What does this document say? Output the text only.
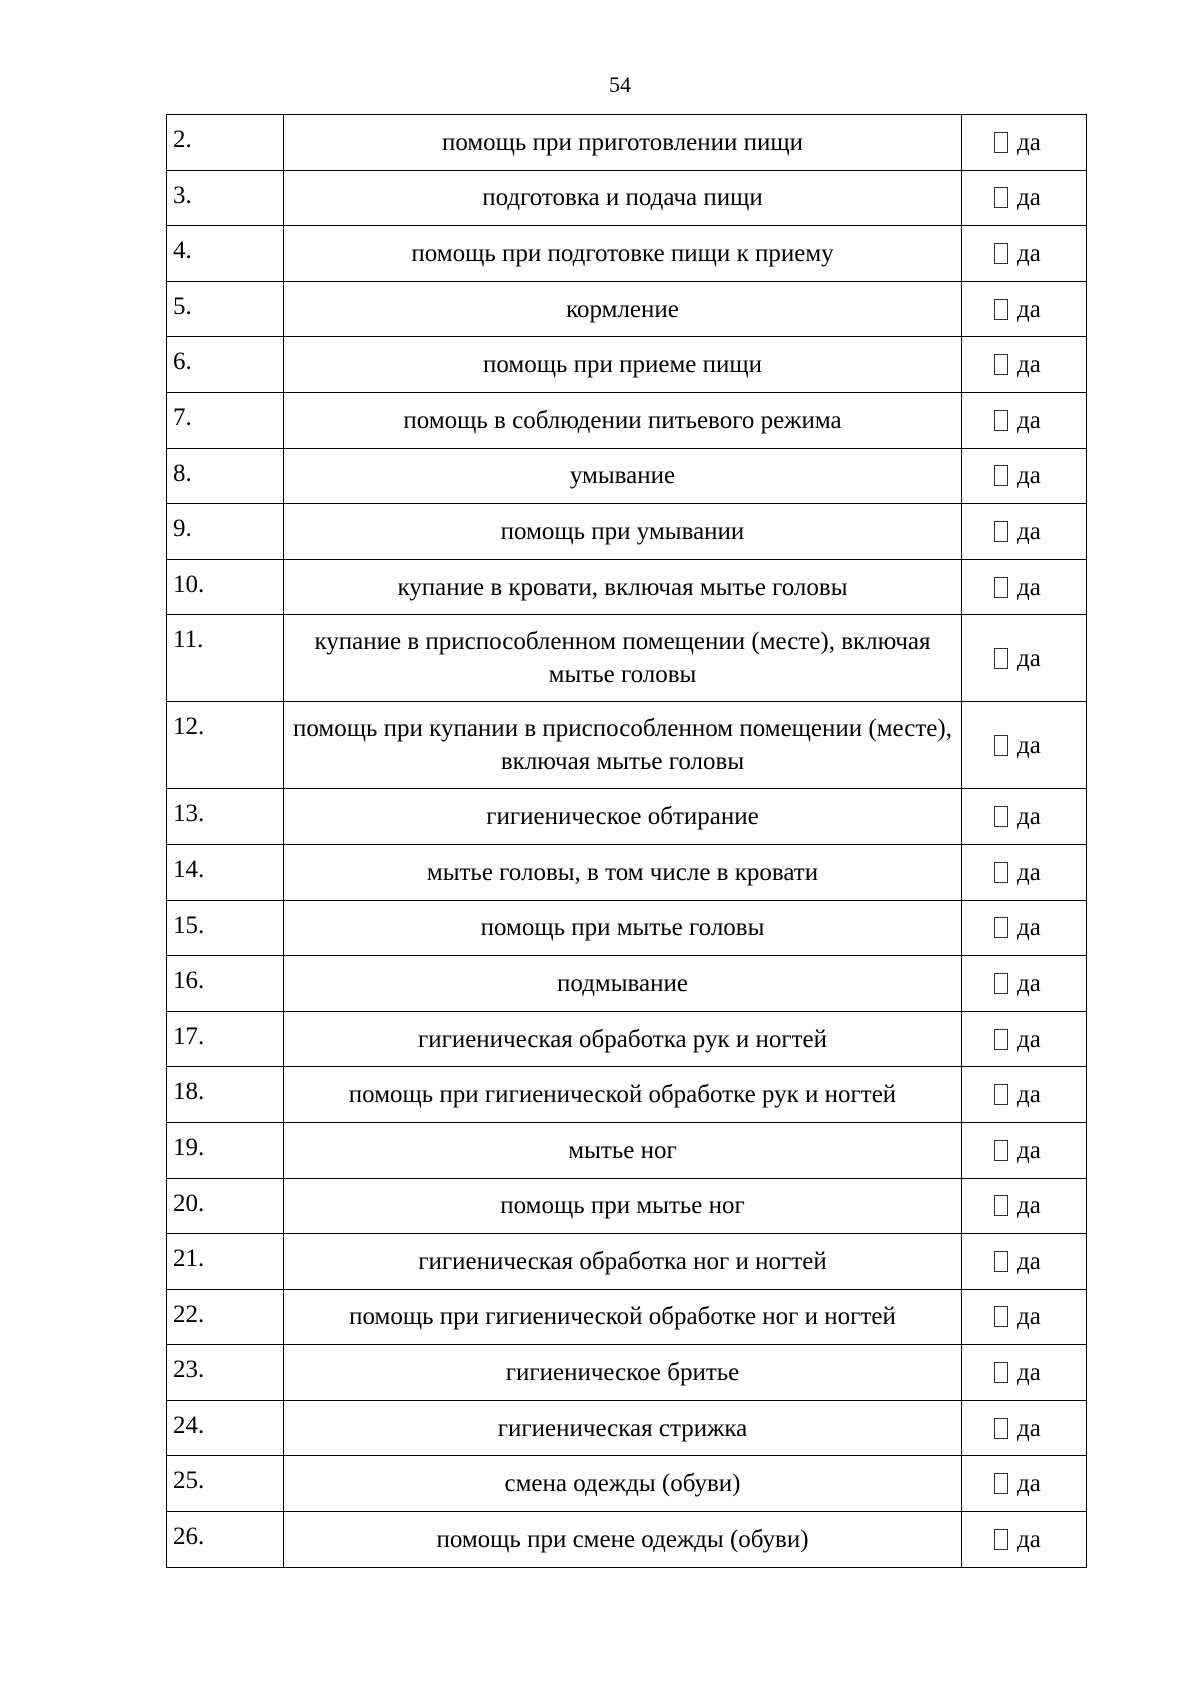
54
2.	помощь при приготовлении пищи	да
3.	подготовка и подача пищи	да
4.	помощь при подготовке пищи к приему	да
5.	кормление	да
6.	помощь при приеме пищи	да
7.	помощь в соблюдении питьевого режима	да
8.	умывание	да
9.	помощь при умывании	да
10.	купание в кровати, включая мытье головы	да
11.	купание в приспособленном помещении (месте), включая мытье головы	да
12.	помощь при купании в приспособленном помещении (месте), включая мытье головы	да
13.	гигиеническое обтирание	да
14.	мытье головы, в том числе в кровати	да
15.	помощь при мытье головы	да
16.	подмывание	да
17.	гигиеническая обработка рук и ногтей	да
18.	помощь при гигиенической обработке рук и ногтей	да
19.	мытье ног	да
20.	помощь при мытье ног	да
21.	гигиеническая обработка ног и ногтей	да
22.	помощь при гигиенической обработке ног и ногтей	да
23.	гигиеническое бритье	да
24.	гигиеническая стрижка	да
25.	смена одежды (обуви)	да
26.	помощь при смене одежды (обуви)	да
